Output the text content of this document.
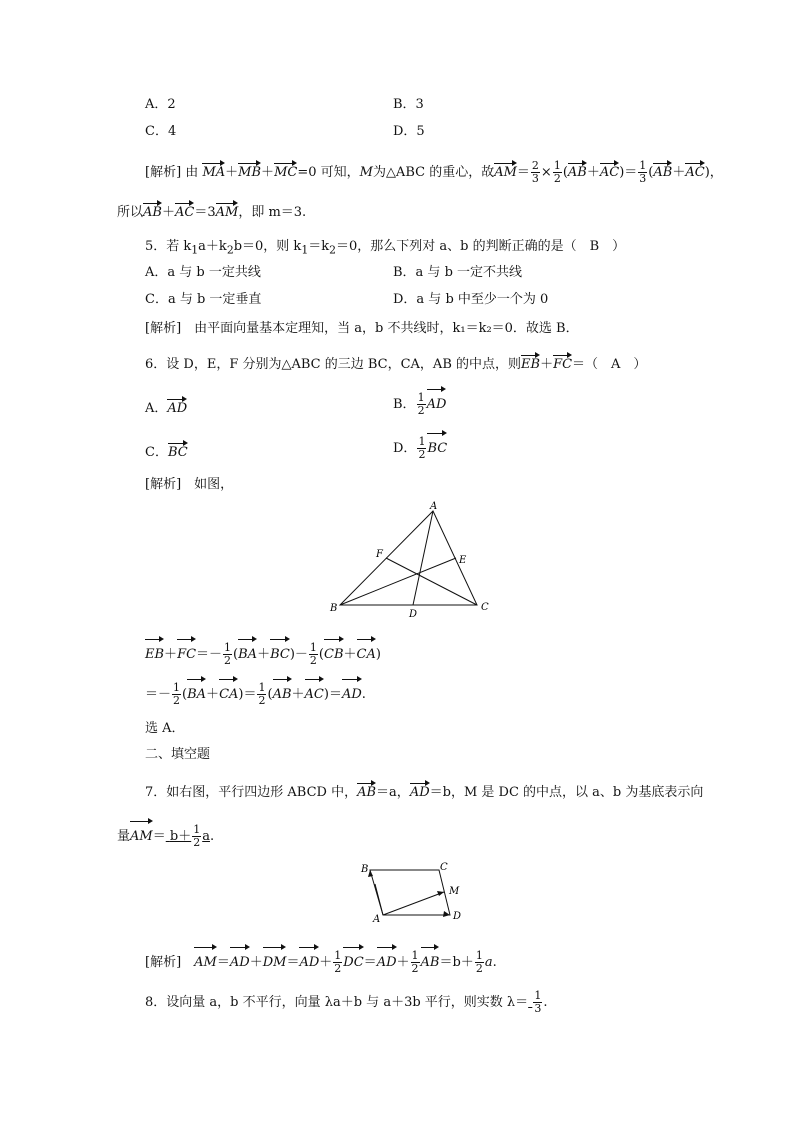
A．2	B．3
C．4	D．5
[解析] 由 MA＋MB＋MC=0 可知，M为△ABC 的重心，故$AM= \frac{2}{3} \times \frac{1}{2} (AB+AC)= \frac{1}{3} (AB+AC)$，
所以AB＋AC＝3AM，即 m＝3.
5．若 $k_1a+k_2b=0$，则 $k_1=k_2=0$，那么下列对 a、b 的判断正确的是（　B　）
A．a 与 b 一定共线	B．a 与 b 一定不共线
C．a 与 b 一定垂直	D．a 与 b 中至少一个为 0
[解析]　由平面向量基本定理知，当 a，b 不共线时，k₁＝k₂＝0．故选 B．
6．设 D，E，F 分别为△ABC 的三边 BC，CA，AB 的中点，则EB＋FC＝（　A　）
A．AD	B． $\frac{1}{2}$ AD
C．BC	D． $\frac{1}{2}$ BC
[解析]　如图，
A
B	C
D
E
F
$EB+FC=- \frac{1}{2} (BA+BC)- \frac{1}{2} (CB+CA)$
＝－ $\frac{1}{2} (BA+CA)= \frac{1}{2} (AB+AC)=AD$.
选 A．
二、填空题
7．如右图，平行四边形 ABCD 中，AB＝a，AD＝b，M 是 DC 的中点，以 a、b 为基底表示向
量$AM= b+ \frac{1}{2} a$.
B	C
M
A	D
[解析]　 $AM=AD+DM=AD+ \frac{1}{2} DC=AD+ \frac{1}{2} AB=b+ \frac{1}{2} a$.
8．设向量 a，b 不平行，向量 λa＋b 与 a＋3b 平行，则实数 $\lambda= \frac{1}{3}$ .
